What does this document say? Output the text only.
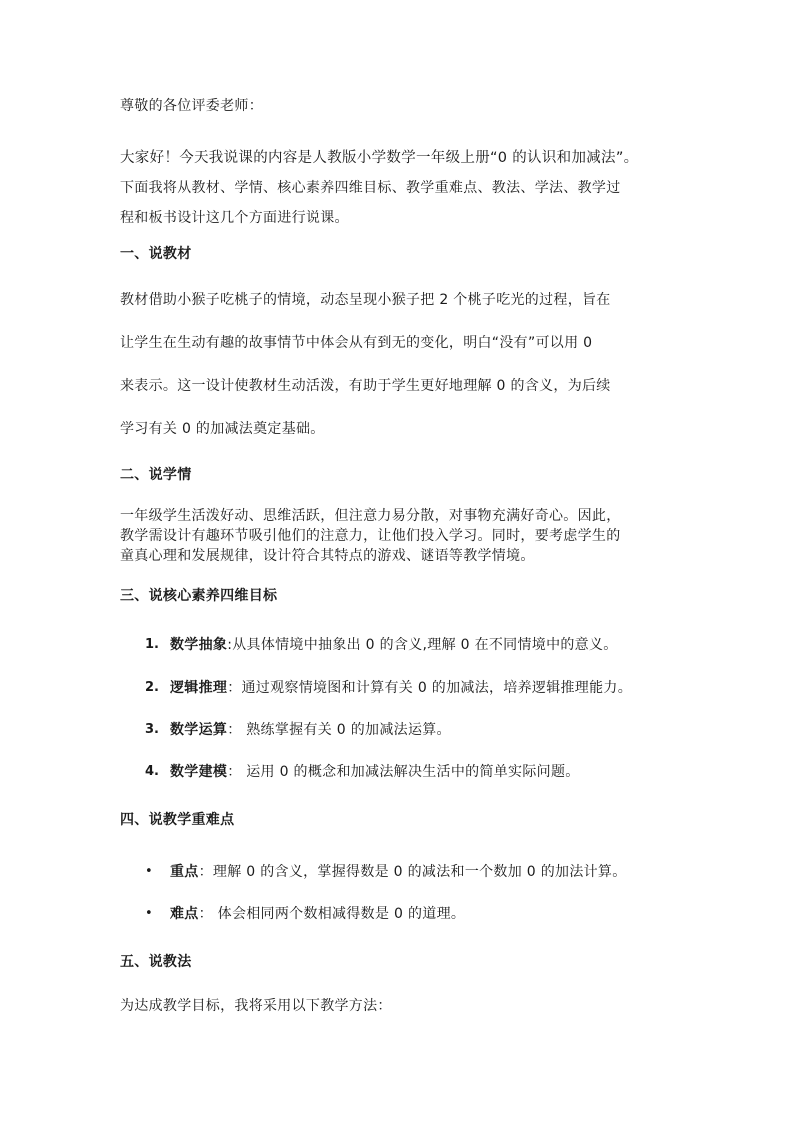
尊敬的各位评委老师：
大家好！今天我说课的内容是人教版小学数学一年级上册“0 的认识和加减法”。
下面我将从教材、学情、核心素养四维目标、教学重难点、教法、学法、教学过
程和板书设计这几个方面进行说课。
一、说教材
教材借助小猴子吃桃子的情境，动态呈现小猴子把 2 个桃子吃光的过程，旨在
让学生在生动有趣的故事情节中体会从有到无的变化，明白“没有”可以用 0
来表示。这一设计使教材生动活泼，有助于学生更好地理解 0 的含义，为后续
学习有关 0 的加减法奠定基础。
二、说学情
一年级学生活泼好动、思维活跃，但注意力易分散，对事物充满好奇心。因此，
教学需设计有趣环节吸引他们的注意力，让他们投入学习。同时，要考虑学生的
童真心理和发展规律，设计符合其特点的游戏、谜语等教学情境。
三、说核心素养四维目标
1. 数学抽象:从具体情境中抽象出 0 的含义,理解 0 在不同情境中的意义。
2. 逻辑推理：通过观察情境图和计算有关 0 的加减法，培养逻辑推理能力。
3. 数学运算： 熟练掌握有关 0 的加减法运算。
4. 数学建模： 运用 0 的概念和加减法解决生活中的简单实际问题。
四、说教学重难点
• 重点：理解 0 的含义，掌握得数是 0 的减法和一个数加 0 的加法计算。
• 难点： 体会相同两个数相减得数是 0 的道理。
五、说教法
为达成教学目标，我将采用以下教学方法：
